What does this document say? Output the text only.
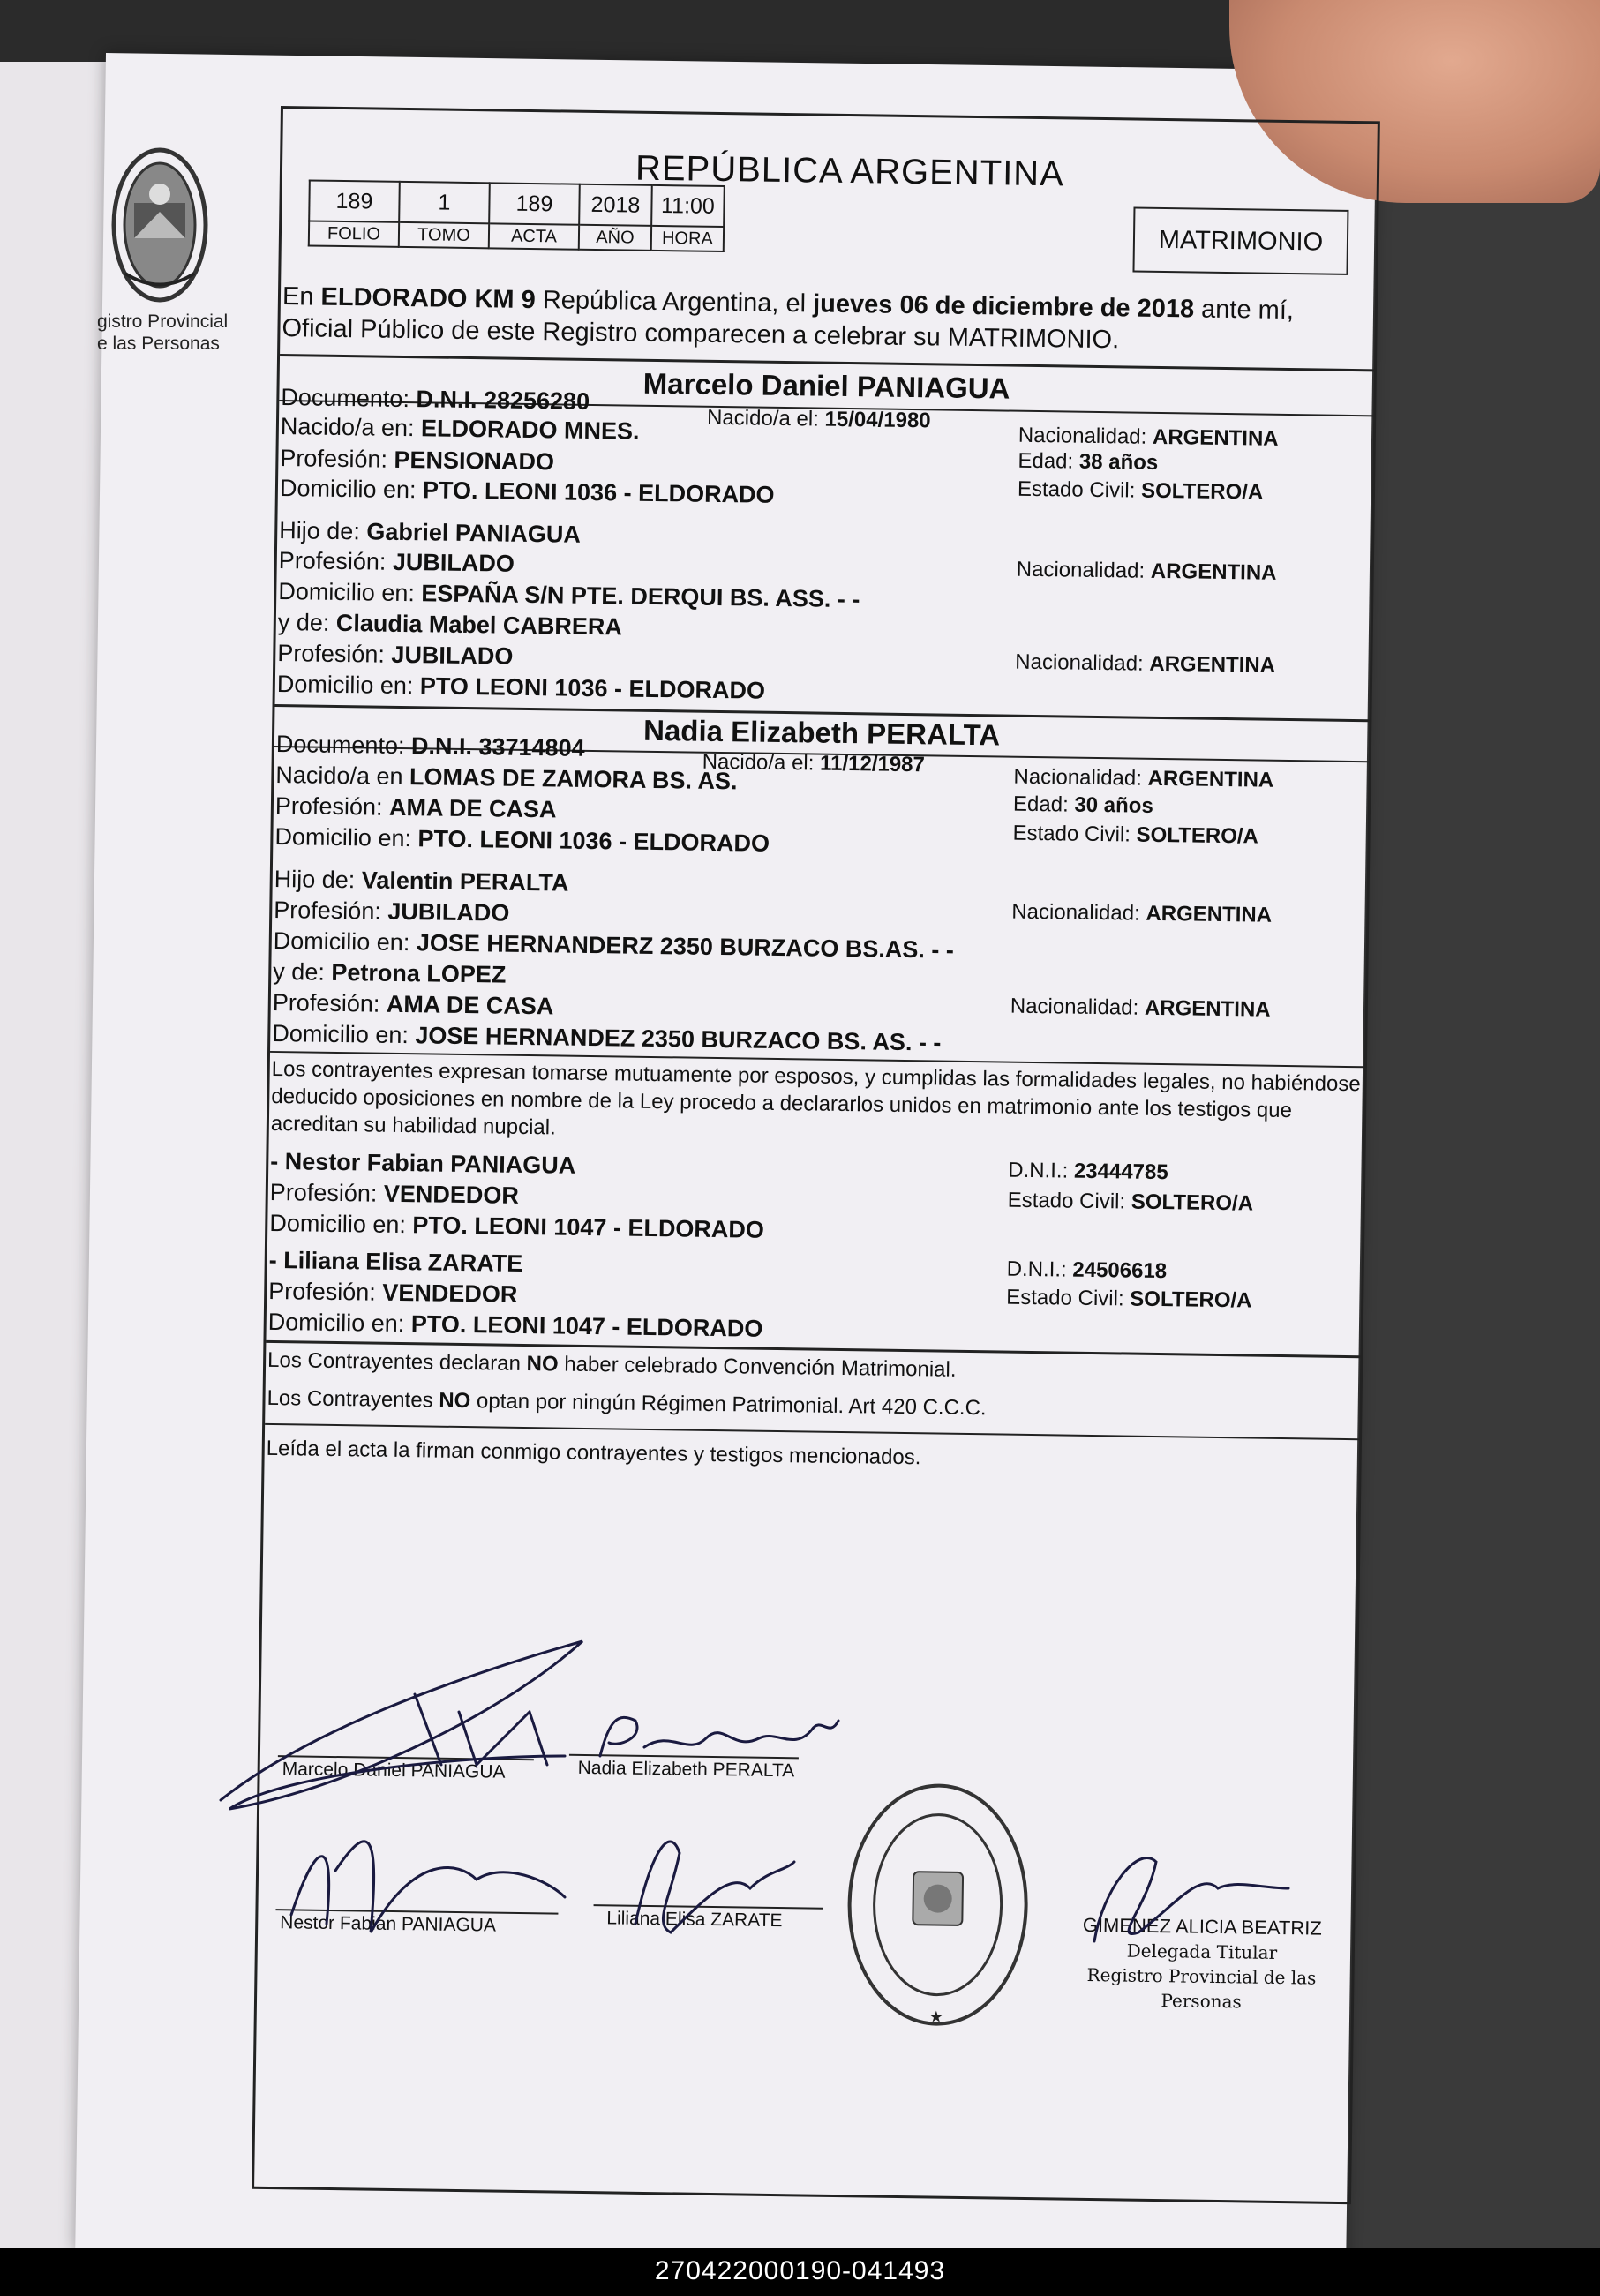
gistro Provincial
e las Personas
REPÚBLICA ARGENTINA
189	1	189	2018	11:00
FOLIO	TOMO	ACTA	AÑO	HORA	MATRIMONIO
En ELDORADO KM 9 República Argentina, el jueves 06 de diciembre de 2018 ante mí,
Oficial Público de este Registro comparecen a celebrar su MATRIMONIO.
Marcelo Daniel PANIAGUA
Documento: D.N.I. 28256280
Nacido/a el: 15/04/1980
Nacido/a en: ELDORADO MNES.	Nacionalidad: ARGENTINA
Profesión: PENSIONADO	Edad: 38 años
Domicilio en: PTO. LEONI 1036 - ELDORADO	Estado Civil: SOLTERO/A
Hijo de: Gabriel PANIAGUA
Profesión: JUBILADO	Nacionalidad: ARGENTINA
Domicilio en: ESPAÑA S/N PTE. DERQUI BS. ASS. - -
y de: Claudia Mabel CABRERA
Profesión: JUBILADO	Nacionalidad: ARGENTINA
Domicilio en: PTO LEONI 1036 - ELDORADO
Nadia Elizabeth PERALTA
Documento: D.N.I. 33714804
Nacido/a el: 11/12/1987
Nacido/a en LOMAS DE ZAMORA BS. AS.	Nacionalidad: ARGENTINA
Profesión: AMA DE CASA	Edad: 30 años
Domicilio en: PTO. LEONI 1036 - ELDORADO	Estado Civil: SOLTERO/A
Hijo de: Valentin PERALTA
Profesión: JUBILADO	Nacionalidad: ARGENTINA
Domicilio en: JOSE HERNANDERZ 2350 BURZACO BS.AS. - -
y de: Petrona LOPEZ
Profesión: AMA DE CASA	Nacionalidad: ARGENTINA
Domicilio en: JOSE HERNANDEZ 2350 BURZACO BS. AS. - -
Los contrayentes expresan tomarse mutuamente por esposos, y cumplidas las formalidades legales, no habiéndose deducido oposiciones en nombre de la Ley procedo a declararlos unidos en matrimonio ante los testigos que acreditan su habilidad nupcial.
- Nestor Fabian PANIAGUA	D.N.I.: 23444785
Profesión: VENDEDOR	Estado Civil: SOLTERO/A
Domicilio en: PTO. LEONI 1047 - ELDORADO
- Liliana Elisa ZARATE	D.N.I.: 24506618
Profesión: VENDEDOR	Estado Civil: SOLTERO/A
Domicilio en: PTO. LEONI 1047 - ELDORADO
Los Contrayentes declaran NO haber celebrado Convención Matrimonial.
Los Contrayentes NO optan por ningún Régimen Patrimonial. Art 420 C.C.C.
Leída el acta la firman conmigo contrayentes y testigos mencionados.
Marcelo Daniel PANIAGUA	Nadia Elizabeth PERALTA
Nestor Fabian PANIAGUA	Liliana Elisa ZARATE
★
GIMENEZ ALICIA BEATRIZ
Delegada Titular
Registro Provincial de las Personas
270422000190-041493
